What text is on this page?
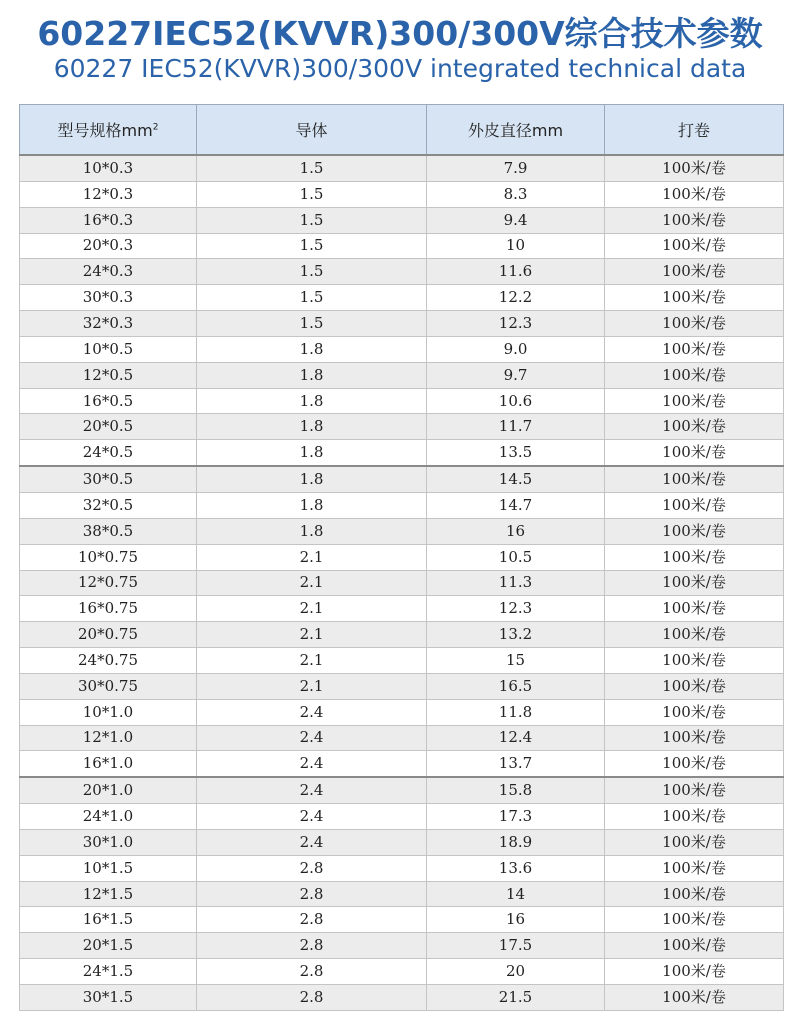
60227IEC52(KVVR)300/300V综合技术参数
60227 IEC52(KVVR)300/300V integrated technical data
型号规格$mm^2$	导体	外皮直径mm	打卷
10*0.3	1.5	7.9	100米/卷
12*0.3	1.5	8.3	100米/卷
16*0.3	1.5	9.4	100米/卷
20*0.3	1.5	10	100米/卷
24*0.3	1.5	11.6	100米/卷
30*0.3	1.5	12.2	100米/卷
32*0.3	1.5	12.3	100米/卷
10*0.5	1.8	9.0	100米/卷
12*0.5	1.8	9.7	100米/卷
16*0.5	1.8	10.6	100米/卷
20*0.5	1.8	11.7	100米/卷
24*0.5	1.8	13.5	100米/卷
30*0.5	1.8	14.5	100米/卷
32*0.5	1.8	14.7	100米/卷
38*0.5	1.8	16	100米/卷
10*0.75	2.1	10.5	100米/卷
12*0.75	2.1	11.3	100米/卷
16*0.75	2.1	12.3	100米/卷
20*0.75	2.1	13.2	100米/卷
24*0.75	2.1	15	100米/卷
30*0.75	2.1	16.5	100米/卷
10*1.0	2.4	11.8	100米/卷
12*1.0	2.4	12.4	100米/卷
16*1.0	2.4	13.7	100米/卷
20*1.0	2.4	15.8	100米/卷
24*1.0	2.4	17.3	100米/卷
30*1.0	2.4	18.9	100米/卷
10*1.5	2.8	13.6	100米/卷
12*1.5	2.8	14	100米/卷
16*1.5	2.8	16	100米/卷
20*1.5	2.8	17.5	100米/卷
24*1.5	2.8	20	100米/卷
30*1.5	2.8	21.5	100米/卷
